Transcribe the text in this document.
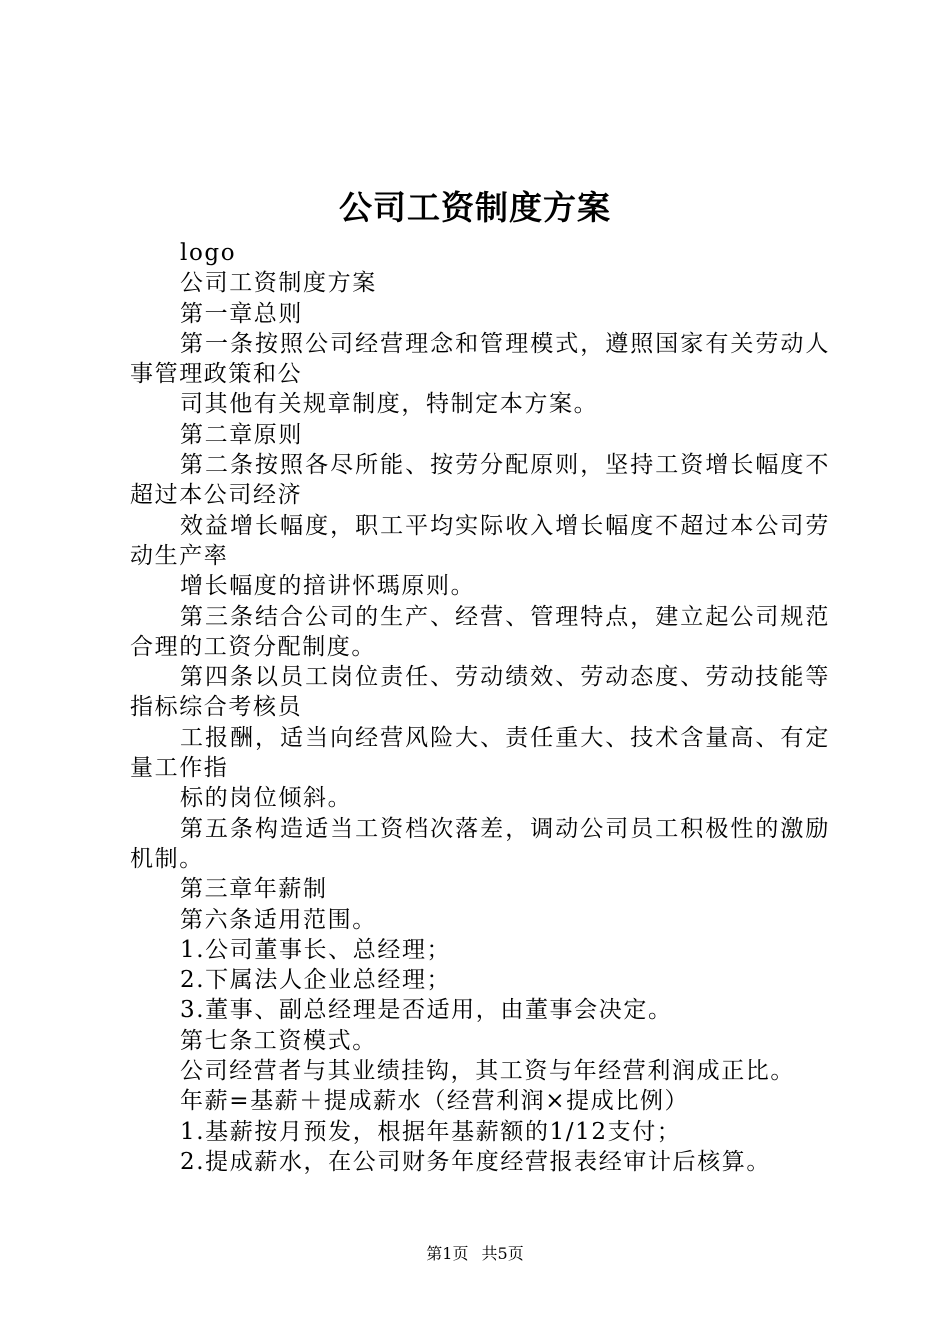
公司工资制度方案

logo

公司工资制度方案

第一章总则

第一条按照公司经营理念和管理模式，遵照国家有关劳动人事管理政策和公

司其他有关规章制度，特制定本方案。

第二章原则

第二条按照各尽所能、按劳分配原则，坚持工资增长幅度不超过本公司经济

效益增长幅度，职工平均实际收入增长幅度不超过本公司劳动生产率

增长幅度的揞讲怀瑪原则。

第三条结合公司的生产、经营、管理特点，建立起公司规范合理的工资分配制度。

第四条以员工岗位责任、劳动绩效、劳动态度、劳动技能等指标综合考核员

工报酬，适当向经营风险大、责任重大、技术含量高、有定量工作指

标的岗位倾斜。

第五条构造适当工资档次落差，调动公司员工积极性的激励机制。

第三章年薪制

第六条适用范围。

1.公司董事长、总经理；

2.下属法人企业总经理；

3.董事、副总经理是否适用，由董事会决定。

第七条工资模式。

公司经营者与其业绩挂钩，其工资与年经营利润成正比。

年薪=基薪＋提成薪水（经营利润×提成比例）

1.基薪按月预发，根据年基薪额的1/12支付；

2.提成薪水，在公司财务年度经营报表经审计后核算。

第1页 共5页
